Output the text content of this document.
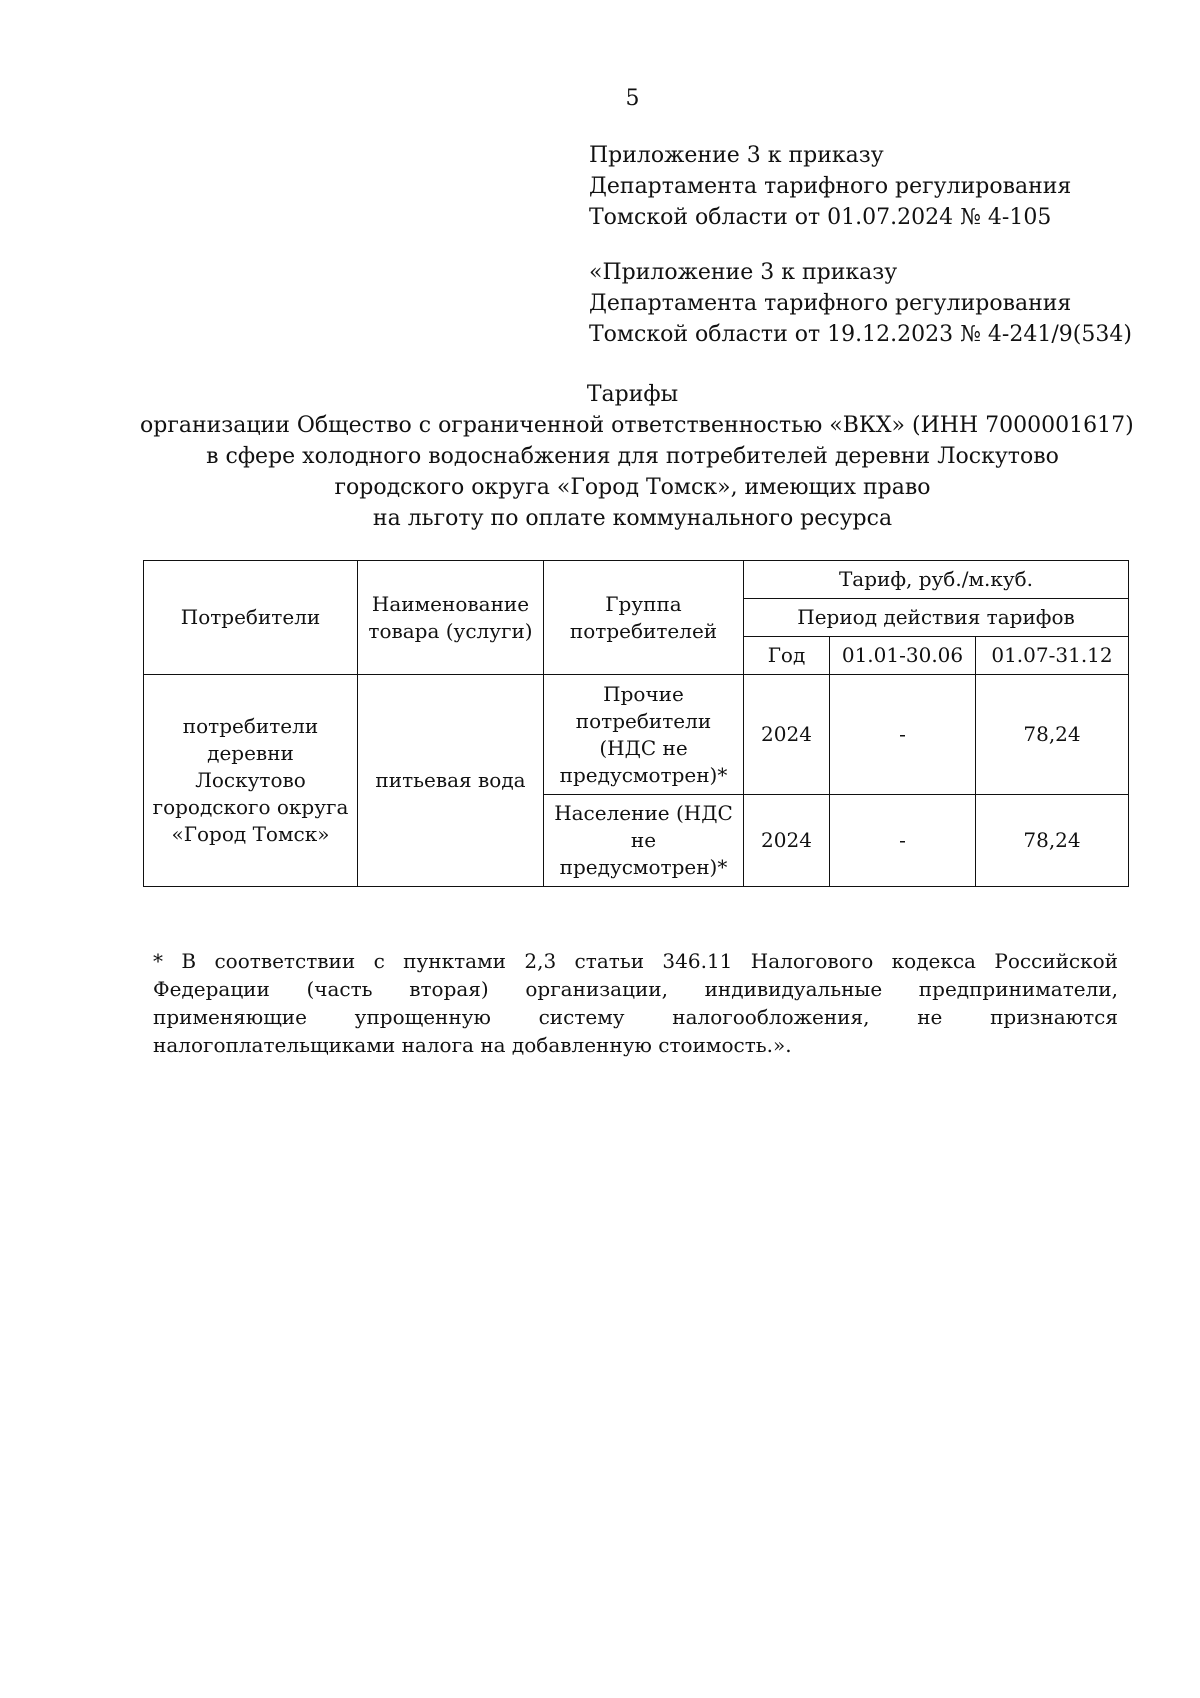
5
Приложение 3 к приказу
Департамента тарифного регулирования
Томской области от 01.07.2024 № 4-105
«Приложение 3 к приказу
Департамента тарифного регулирования
Томской области от 19.12.2023 № 4-241/9(534)
Тарифы
организации Общество с ограниченной ответственностью «ВКХ» (ИНН 7000001617)
в сфере холодного водоснабжения для потребителей деревни Лоскутово
городского округа «Город Томск», имеющих право
на льготу по оплате коммунального ресурса
Потребители	Наименование товара (услуги)	Группа потребителей	Тариф, руб./м.куб.		
			Период действия тарифов		
			Год	01.01-30.06	01.07-31.12
потребители деревни Лоскутово городского округа «Город Томск»	питьевая вода	Прочие потребители (НДС не предусмотрен)*	2024	-	78,24
		Население (НДС не предусмотрен)*	2024	-	78,24
* В соответствии с пунктами 2,3 статьи 346.11 Налогового кодекса Российской Федерации (часть вторая) организации, индивидуальные предприниматели, применяющие упрощенную систему налогообложения, не признаются налогоплательщиками налога на добавленную стоимость.».
